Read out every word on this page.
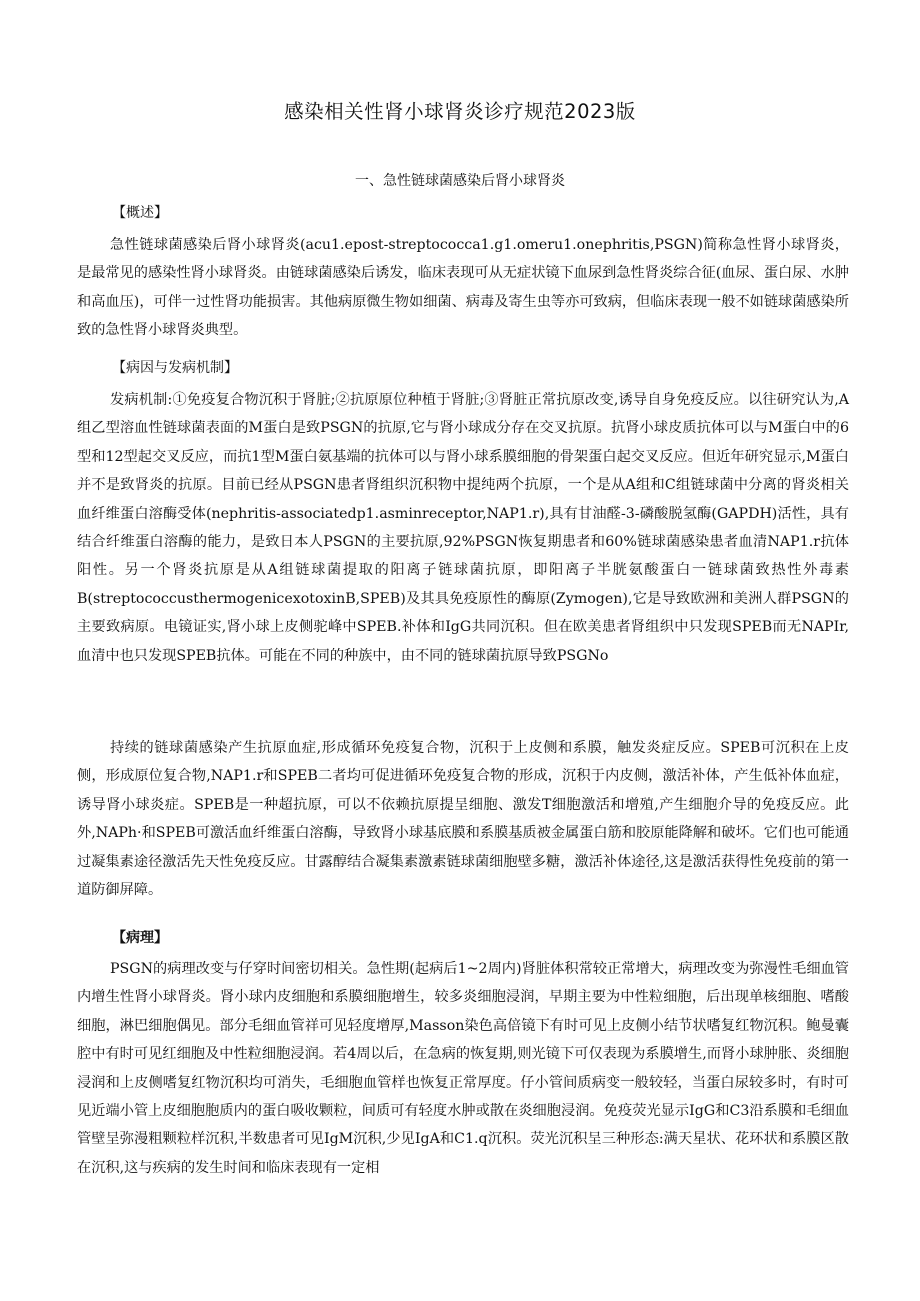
感染相关性肾小球肾炎诊疗规范2023版
一、急性链球菌感染后肾小球肾炎
【概述】
急性链球菌感染后肾小球肾炎(acu1.epost-streptococca1.g1.omeru1.onephritis,PSGN)简称急性肾小球肾炎，是最常见的感染性肾小球肾炎。由链球菌感染后诱发，临床表现可从无症状镜下血尿到急性肾炎综合征(血尿、蛋白尿、水肿和高血压)，可伴一过性肾功能损害。其他病原微生物如细菌、病毒及寄生虫等亦可致病，但临床表现一般不如链球菌感染所致的急性肾小球肾炎典型。
【病因与发病机制】
发病机制:①免疫复合物沉积于肾脏;②抗原原位种植于肾脏;③肾脏正常抗原改变,诱导自身免疫反应。以往研究认为,A组乙型溶血性链球菌表面的M蛋白是致PSGN的抗原,它与肾小球成分存在交叉抗原。抗肾小球皮质抗体可以与M蛋白中的6型和12型起交叉反应，而抗1型M蛋白氨基端的抗体可以与肾小球系膜细胞的骨架蛋白起交叉反应。但近年研究显示,M蛋白并不是致肾炎的抗原。目前已经从PSGN患者肾组织沉积物中提纯两个抗原，一个是从A组和C组链球菌中分离的肾炎相关血纤维蛋白溶酶受体(nephritis-associatedp1.asminreceptor,NAP1.r),具有甘油醛-3-磷酸脱氢酶(GAPDH)活性，具有结合纤维蛋白溶酶的能力，是致日本人PSGN的主要抗原,92%PSGN恢复期患者和60%链球菌感染患者血清NAP1.r抗体阳性。另一个肾炎抗原是从A组链球菌提取的阳离子链球菌抗原，即阳离子半胱氨酸蛋白一链球菌致热性外毒素B(streptococcusthermogenicexotoxinB,SPEB)及其具免疫原性的酶原(Zymogen),它是导致欧洲和美洲人群PSGN的主要致病原。电镜证实,肾小球上皮侧驼峰中SPEB.补体和IgG共同沉积。但在欧美患者肾组织中只发现SPEB而无NAPIr,血清中也只发现SPEB抗体。可能在不同的种族中，由不同的链球菌抗原导致PSGNo
持续的链球菌感染产生抗原血症,形成循环免疫复合物，沉积于上皮侧和系膜，触发炎症反应。SPEB可沉积在上皮侧，形成原位复合物,NAP1.r和SPEB二者均可促进循环免疫复合物的形成，沉积于内皮侧，激活补体，产生低补体血症，诱导肾小球炎症。SPEB是一种超抗原，可以不依赖抗原提呈细胞、激发T细胞激活和增殖,产生细胞介导的免疫反应。此外,NAPh·和SPEB可激活血纤维蛋白溶酶，导致肾小球基底膜和系膜基质被金属蛋白筋和胶原能降解和破坏。它们也可能通过凝集素途径激活先天性免疫反应。甘露醇结合凝集素激素链球菌细胞壁多糖，激活补体途径,这是激活获得性免疫前的第一道防御屏障。
【病理】
PSGN的病理改变与仔穿时间密切相关。急性期(起病后1~2周内)肾脏体积常较正常增大，病理改变为弥漫性毛细血管内增生性肾小球肾炎。肾小球内皮细胞和系膜细胞增生，较多炎细胞浸润，早期主要为中性粒细胞，后出现单核细胞、嗜酸细胞，淋巴细胞偶见。部分毛细血管祥可见轻度增厚,Masson染色高倍镜下有时可见上皮侧小结节状嗜复红物沉积。鲍曼囊腔中有时可见红细胞及中性粒细胞浸润。若4周以后，在急病的恢复期,则光镜下可仅表现为系膜增生,而肾小球肿胀、炎细胞浸润和上皮侧嗜复红物沉积均可消失，毛细胞血管样也恢复正常厚度。仔小管间质病变一般较轻，当蛋白尿较多时，有时可见近端小管上皮细胞胞质内的蛋白吸收颗粒，间质可有轻度水肿或散在炎细胞浸润。免疫荧光显示IgG和C3沿系膜和毛细血管壁呈弥漫粗颗粒样沉积,半数患者可见IgM沉积,少见IgA和C1.q沉积。荧光沉积呈三种形态:满天星状、花环状和系膜区散在沉积,这与疾病的发生时间和临床表现有一定相
